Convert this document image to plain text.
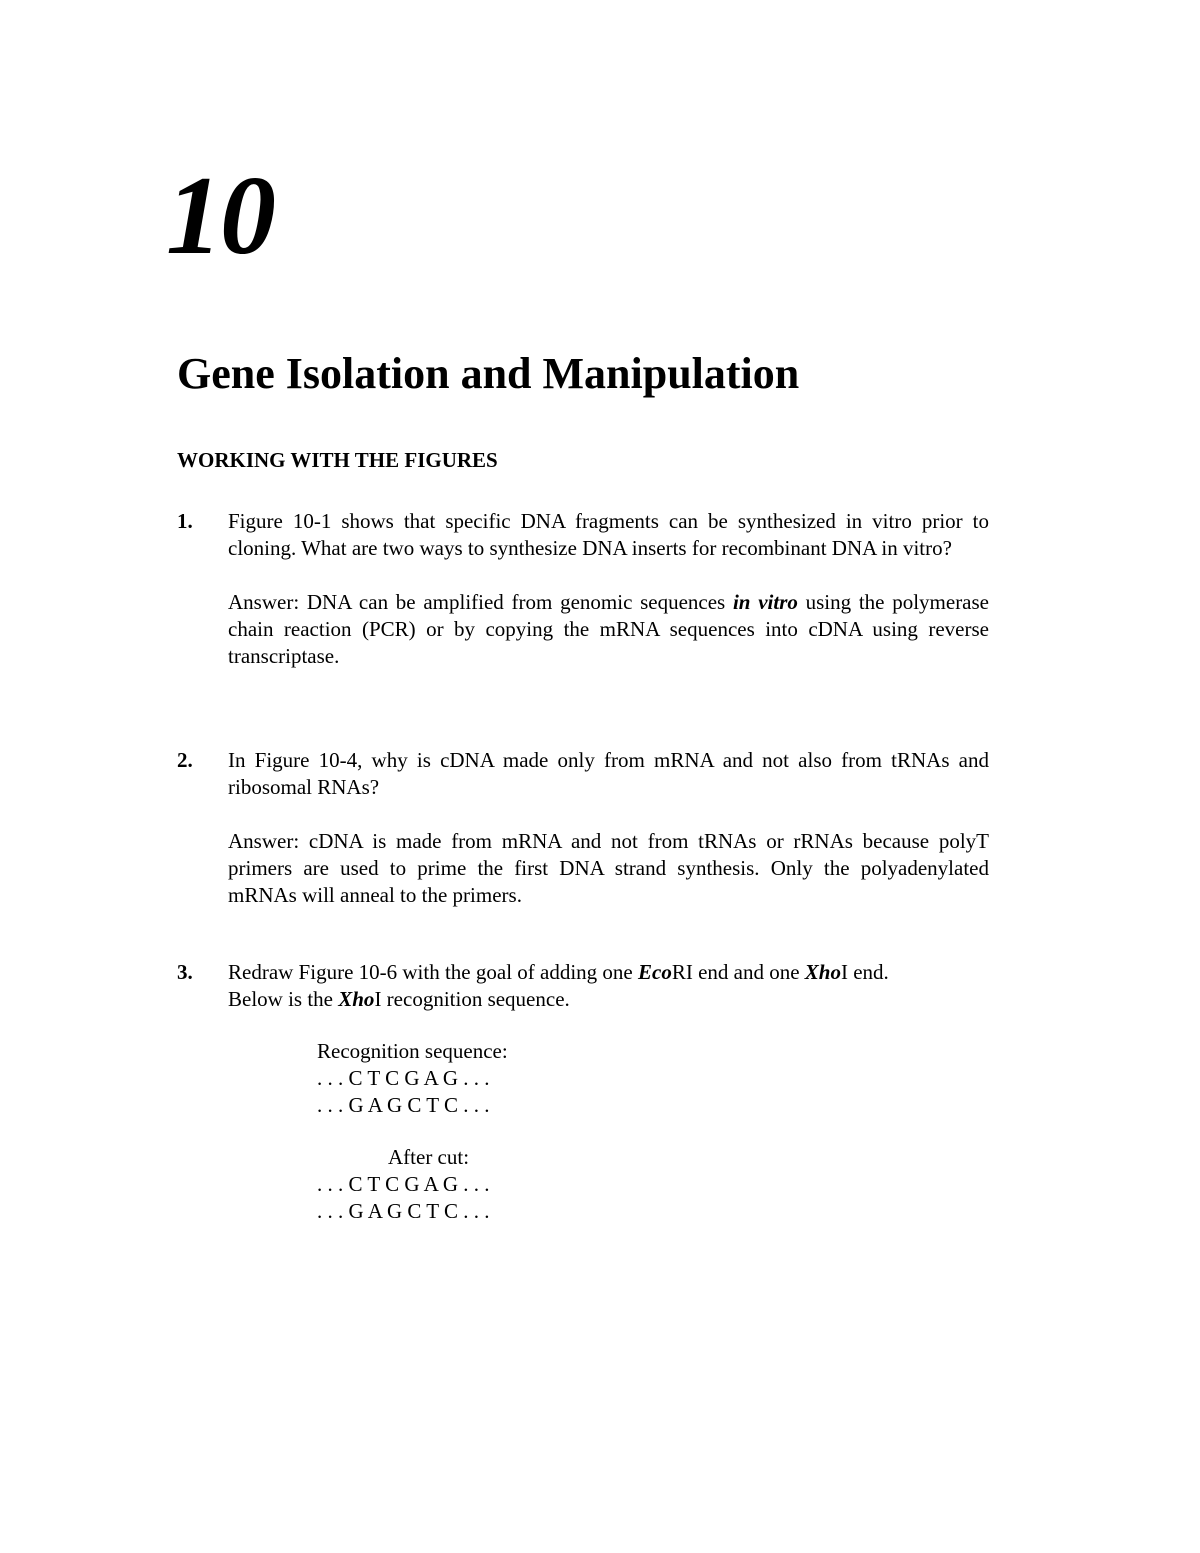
10
Gene Isolation and Manipulation
WORKING WITH THE FIGURES
1. Figure 10-1 shows that specific DNA fragments can be synthesized in vitro prior to cloning. What are two ways to synthesize DNA inserts for recombinant DNA in vitro?

Answer: DNA can be amplified from genomic sequences in vitro using the polymerase chain reaction (PCR) or by copying the mRNA sequences into cDNA using reverse transcriptase.

2. In Figure 10-4, why is cDNA made only from mRNA and not also from tRNAs and ribosomal RNAs?

Answer: cDNA is made from mRNA and not from tRNAs or rRNAs because polyT primers are used to prime the first DNA strand synthesis. Only the polyadenylated mRNAs will anneal to the primers.

3. Redraw Figure 10-6 with the goal of adding one EcoRI end and one XhoI end.

Below is the XhoI recognition sequence.

Recognition sequence:
. . . C T C G A G . . .
. . . G A G C T C . . .
After cut:
. . . C T C G A G . . .
. . . G A G C T C . . .
